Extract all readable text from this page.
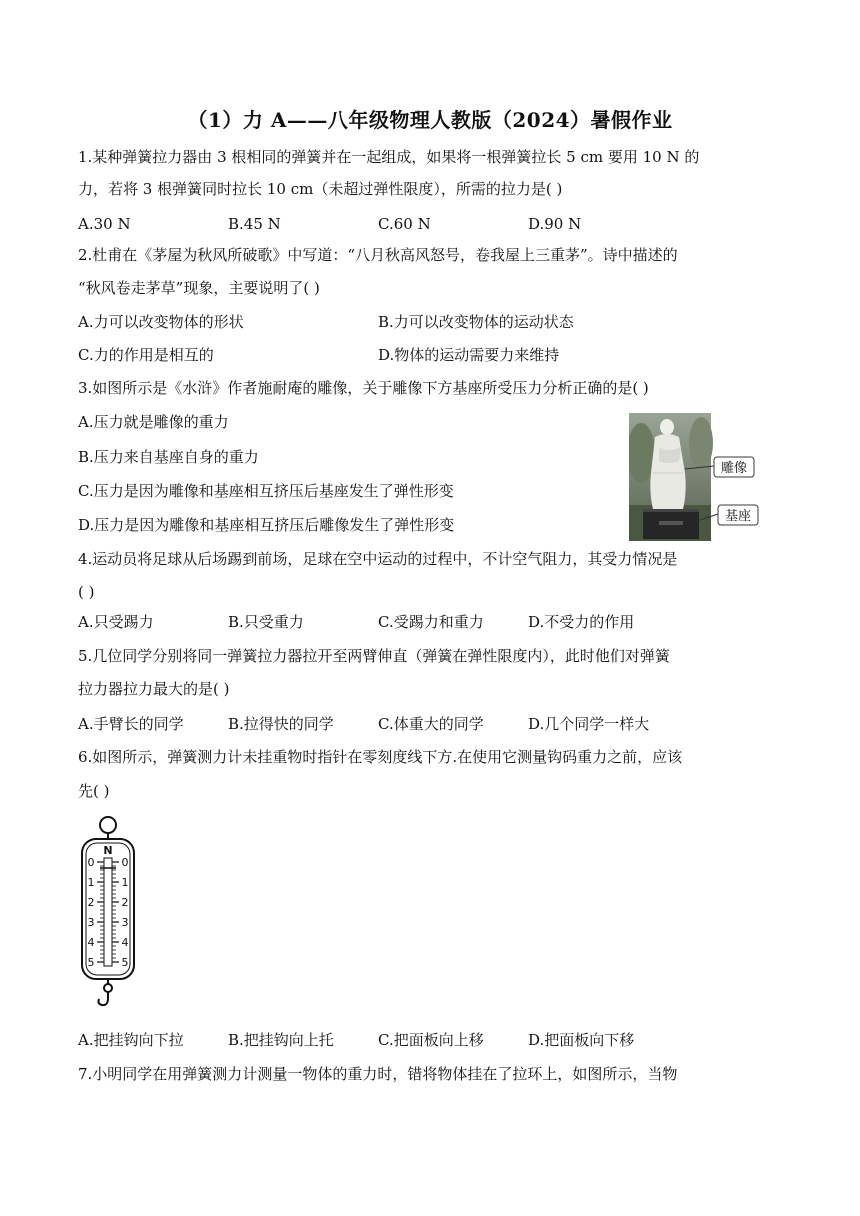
（1）力 A——八年级物理人教版（2024）暑假作业
1.某种弹簧拉力器由 3 根相同的弹簧并在一起组成，如果将一根弹簧拉长 5 cm 要用 10 N 的
力，若将 3 根弹簧同时拉长 10 cm（未超过弹性限度），所需的拉力是( )
A.30 N	B.45 N	C.60 N	D.90 N
2.杜甫在《茅屋为秋风所破歌》中写道：“八月秋高风怒号，卷我屋上三重茅”。诗中描述的
“秋风卷走茅草”现象，主要说明了( )
A.力可以改变物体的形状	B.力可以改变物体的运动状态
C.力的作用是相互的	D.物体的运动需要力来维持
3.如图所示是《水浒》作者施耐庵的雕像，关于雕像下方基座所受压力分析正确的是( )
A.压力就是雕像的重力
B.压力来自基座自身的重力
C.压力是因为雕像和基座相互挤压后基座发生了弹性形变
D.压力是因为雕像和基座相互挤压后雕像发生了弹性形变
雕像
基座
4.运动员将足球从后场踢到前场，足球在空中运动的过程中，不计空气阻力，其受力情况是
( )
A.只受踢力	B.只受重力	C.受踢力和重力	D.不受力的作用
5.几位同学分别将同一弹簧拉力器拉开至两臂伸直（弹簧在弹性限度内），此时他们对弹簧
拉力器拉力最大的是( )
A.手臂长的同学	B.拉得快的同学	C.体重大的同学	D.几个同学一样大
6.如图所示，弹簧测力计未挂重物时指针在零刻度线下方.在使用它测量钩码重力之前，应该
先( )
N
0
1
2
3
4
5
0
1
2
3
4
5
A.把挂钩向下拉	B.把挂钩向上托	C.把面板向上移	D.把面板向下移
7.小明同学在用弹簧测力计测量一物体的重力时，错将物体挂在了拉环上，如图所示，当物
